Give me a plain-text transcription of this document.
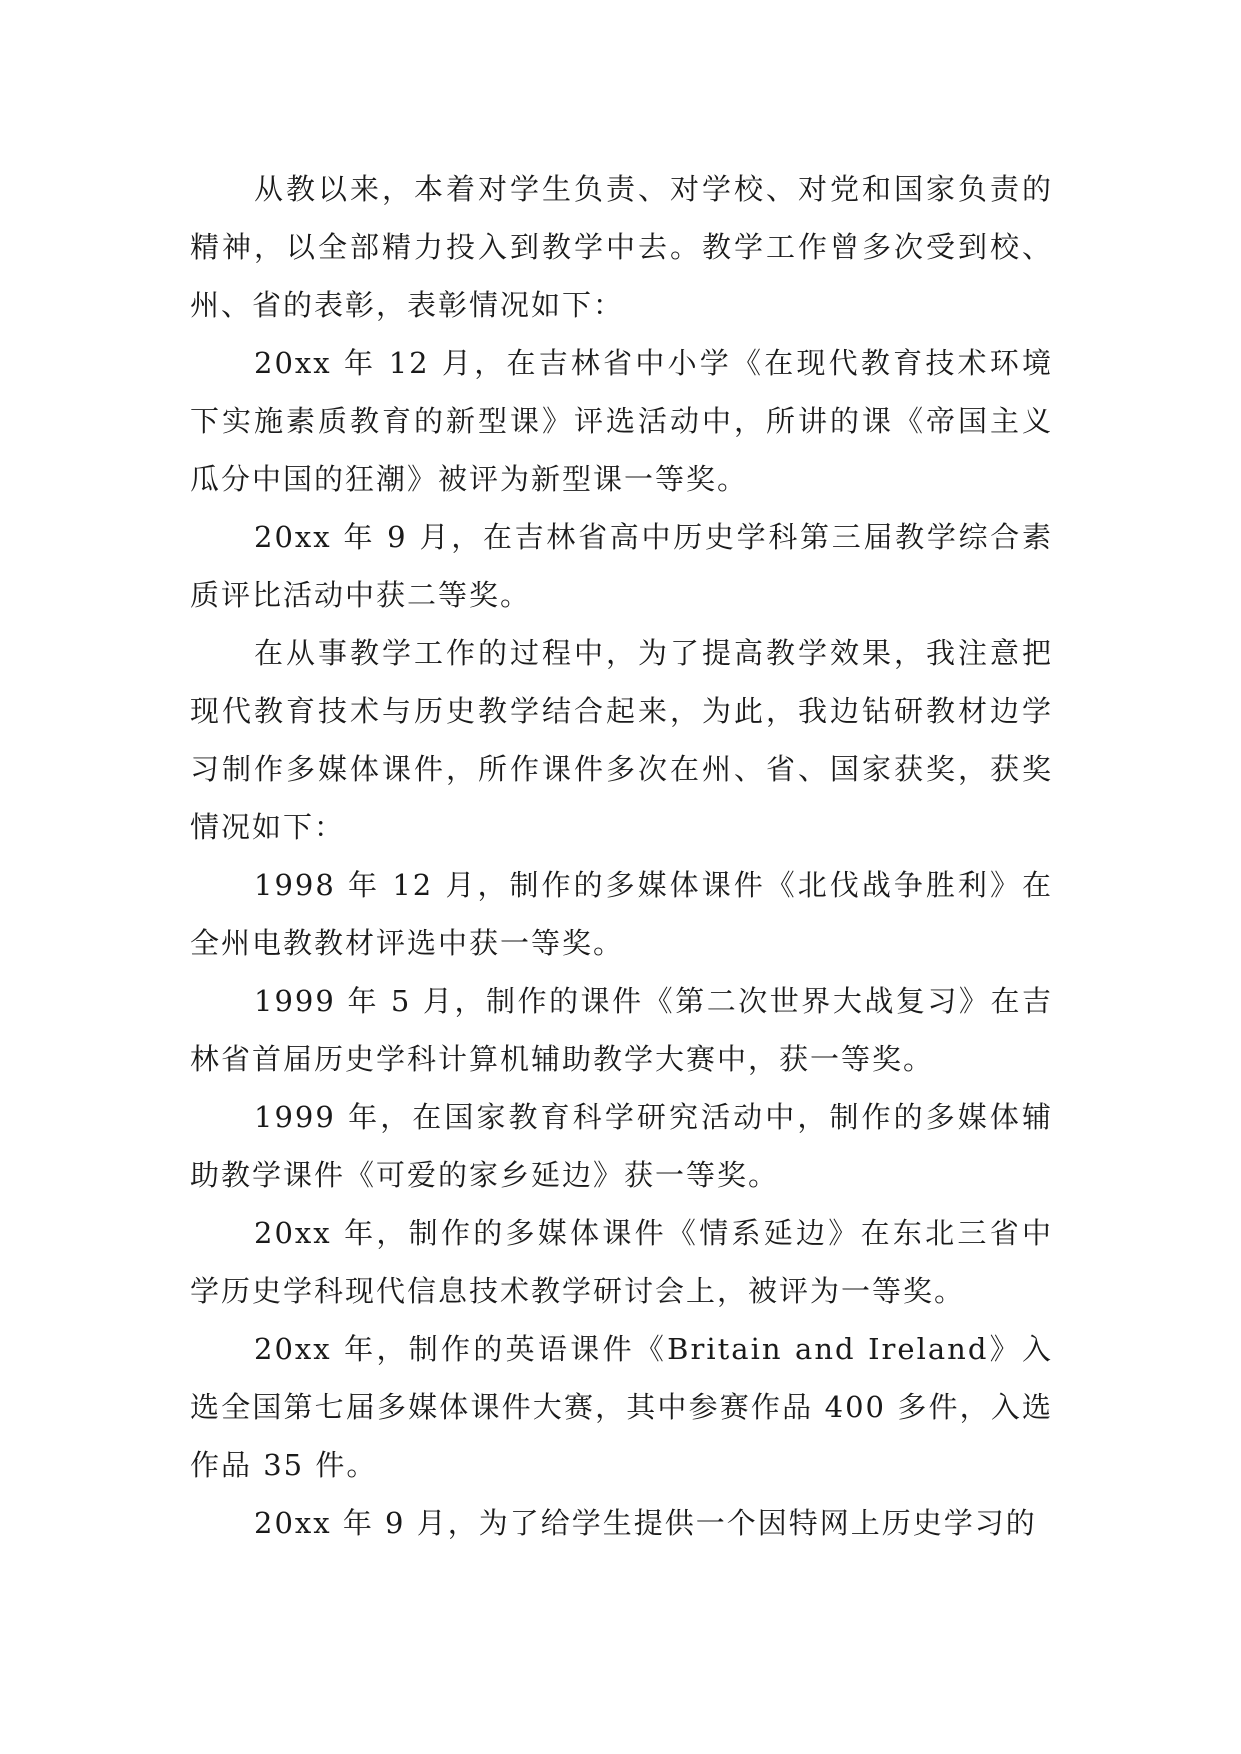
从教以来，本着对学生负责、对学校、对党和国家负责的精神，以全部精力投入到教学中去。教学工作曾多次受到校、州、省的表彰，表彰情况如下：

20xx 年 12 月，在吉林省中小学《在现代教育技术环境下实施素质教育的新型课》评选活动中，所讲的课《帝国主义瓜分中国的狂潮》被评为新型课一等奖。

20xx 年 9 月，在吉林省高中历史学科第三届教学综合素质评比活动中获二等奖。

在从事教学工作的过程中，为了提高教学效果，我注意把现代教育技术与历史教学结合起来，为此，我边钻研教材边学习制作多媒体课件，所作课件多次在州、省、国家获奖，获奖情况如下：

1998 年 12 月，制作的多媒体课件《北伐战争胜利》在全州电教教材评选中获一等奖。

1999 年 5 月，制作的课件《第二次世界大战复习》在吉林省首届历史学科计算机辅助教学大赛中，获一等奖。

1999 年，在国家教育科学研究活动中，制作的多媒体辅助教学课件《可爱的家乡延边》获一等奖。

20xx 年，制作的多媒体课件《情系延边》在东北三省中学历史学科现代信息技术教学研讨会上，被评为一等奖。

20xx 年，制作的英语课件《Britain and Ireland》入选全国第七届多媒体课件大赛，其中参赛作品 400 多件，入选作品 35 件。

20xx 年 9 月，为了给学生提供一个因特网上历史学习的
